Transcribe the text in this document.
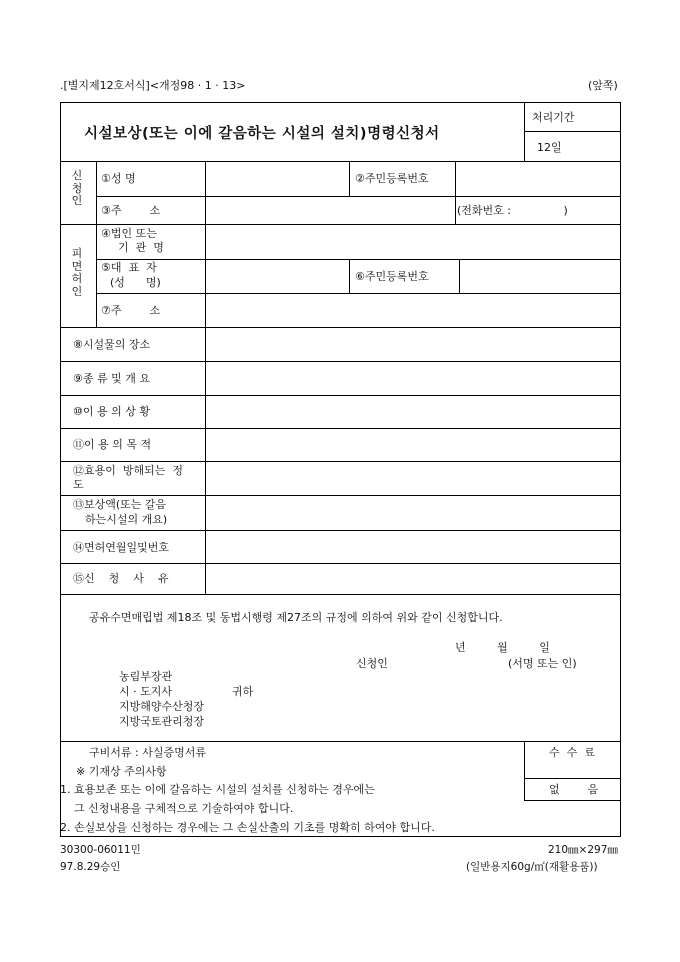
.[별지제12호서식]<개정98 · 1 · 13>	(앞쪽)
시설보상(또는 이에 갈음하는 시설의 설치)명령신청서
처리기간
12일
신
청
인
①성 명	②주민등록번호
③주        소	(전화번호 :               )
피
면
허
인
④법인 또는
기  관  명
⑤대  표  자
(성      명)	⑥주민등록번호
⑦주        소
⑧시설물의 장소
⑨종 류 및 개 요
⑩이 용 의 상 황
⑪이 용 의 목 적
⑫효용이  방해되는  정
도
⑬보상액(또는 갈음
하는시설의 개요)
⑭면허연월일및번호
⑮신    청    사    유
공유수면매립법 제18조 및 동법시행령 제27조의 규정에 의하여 위와 같이 신청합니다.
년         월         일
신청인	(서명 또는 인)
농림부장관
시 · 도지사
지방해양수산청장
지방국토관리청장
귀하
구비서류 : 사실증명서류
※ 기재상 주의사항
1. 효용보존 또는 이에 갈음하는 시설의 설치를 신청하는 경우에는
그 신청내용을 구체적으로 기술하여야 합니다.
2. 손실보상을 신청하는 경우에는 그 손실산출의 기초를 명확히 하여야 합니다.
수  수  료
없        음
30300-06011민
97.8.29승인
210㎜×297㎜
(일반용지60g/㎡(재활용품))
